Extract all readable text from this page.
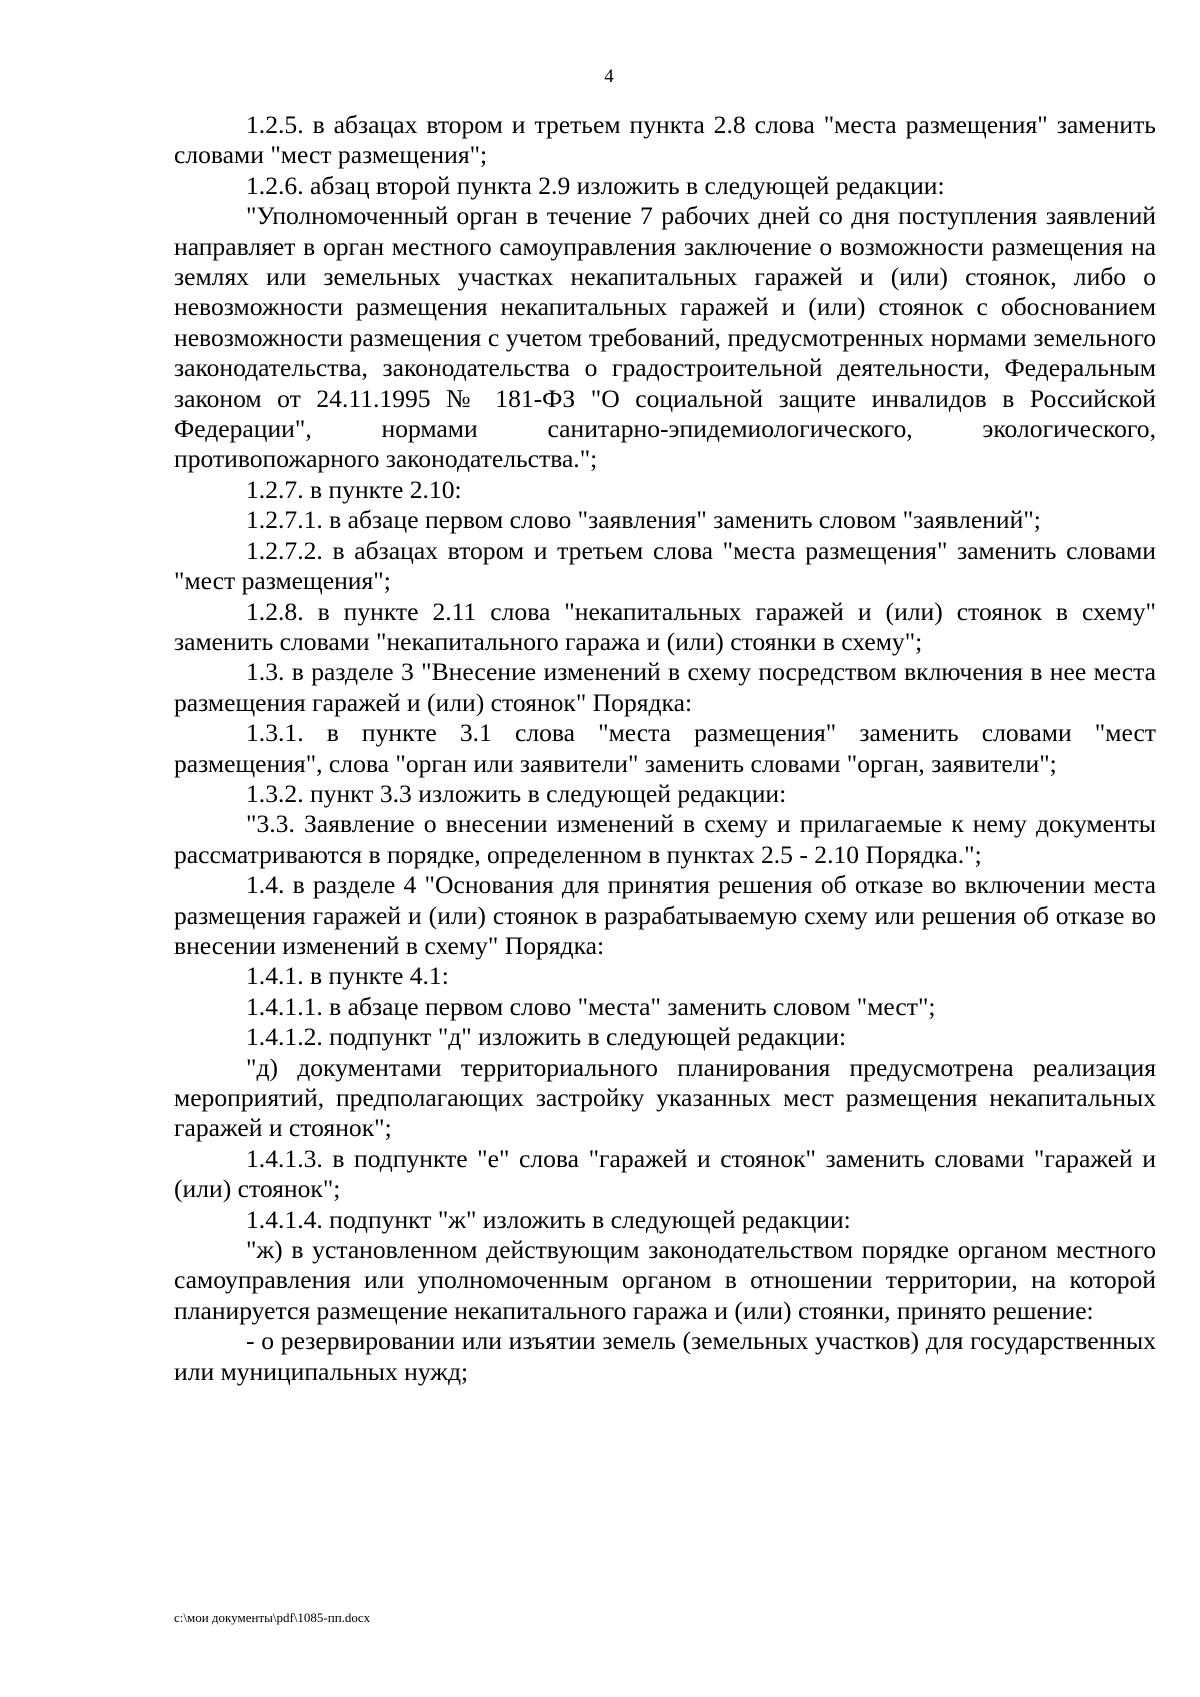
4

1.2.5. в абзацах втором и третьем пункта 2.8 слова "места размещения" заменить словами "мест размещения";

1.2.6. абзац второй пункта 2.9 изложить в следующей редакции:

"Уполномоченный орган в течение 7 рабочих дней со дня поступления заявлений направляет в орган местного самоуправления заключение о возможности размещения на землях или земельных участках некапитальных гаражей и (или) стоянок, либо о невозможности размещения некапитальных гаражей и (или) стоянок с обоснованием невозможности размещения с учетом требований, предусмотренных нормами земельного законодательства, законодательства о градостроительной деятельности, Федеральным законом от 24.11.1995 № 181-ФЗ "О социальной защите инвалидов в Российской Федерации", нормами санитарно-эпидемиологического, экологического, противопожарного законодательства.";

1.2.7. в пункте 2.10:

1.2.7.1. в абзаце первом слово "заявления" заменить словом "заявлений";

1.2.7.2. в абзацах втором и третьем слова "места размещения" заменить словами "мест размещения";

1.2.8. в пункте 2.11 слова "некапитальных гаражей и (или) стоянок в схему" заменить словами "некапитального гаража и (или) стоянки в схему";

1.3. в разделе 3 "Внесение изменений в схему посредством включения в нее места размещения гаражей и (или) стоянок" Порядка:

1.3.1. в пункте 3.1 слова "места размещения" заменить словами "мест размещения", слова "орган или заявители" заменить словами "орган, заявители";

1.3.2. пункт 3.3 изложить в следующей редакции:

"3.3. Заявление о внесении изменений в схему и прилагаемые к нему документы рассматриваются в порядке, определенном в пунктах 2.5 - 2.10 Порядка.";

1.4. в разделе 4 "Основания для принятия решения об отказе во включении места размещения гаражей и (или) стоянок в разрабатываемую схему или решения об отказе во внесении изменений в схему" Порядка:

1.4.1. в пункте 4.1:

1.4.1.1. в абзаце первом слово "места" заменить словом "мест";

1.4.1.2. подпункт "д" изложить в следующей редакции:

"д) документами территориального планирования предусмотрена реализация мероприятий, предполагающих застройку указанных мест размещения некапитальных гаражей и стоянок";

1.4.1.3. в подпункте "е" слова "гаражей и стоянок" заменить словами "гаражей и (или) стоянок";

1.4.1.4. подпункт "ж" изложить в следующей редакции:

"ж) в установленном действующим законодательством порядке органом местного самоуправления или уполномоченным органом в отношении территории, на которой планируется размещение некапитального гаража и (или) стоянки, принято решение:

- о резервировании или изъятии земель (земельных участков) для государственных или муниципальных нужд;

c:\мои документы\pdf\1085-пп.docx
